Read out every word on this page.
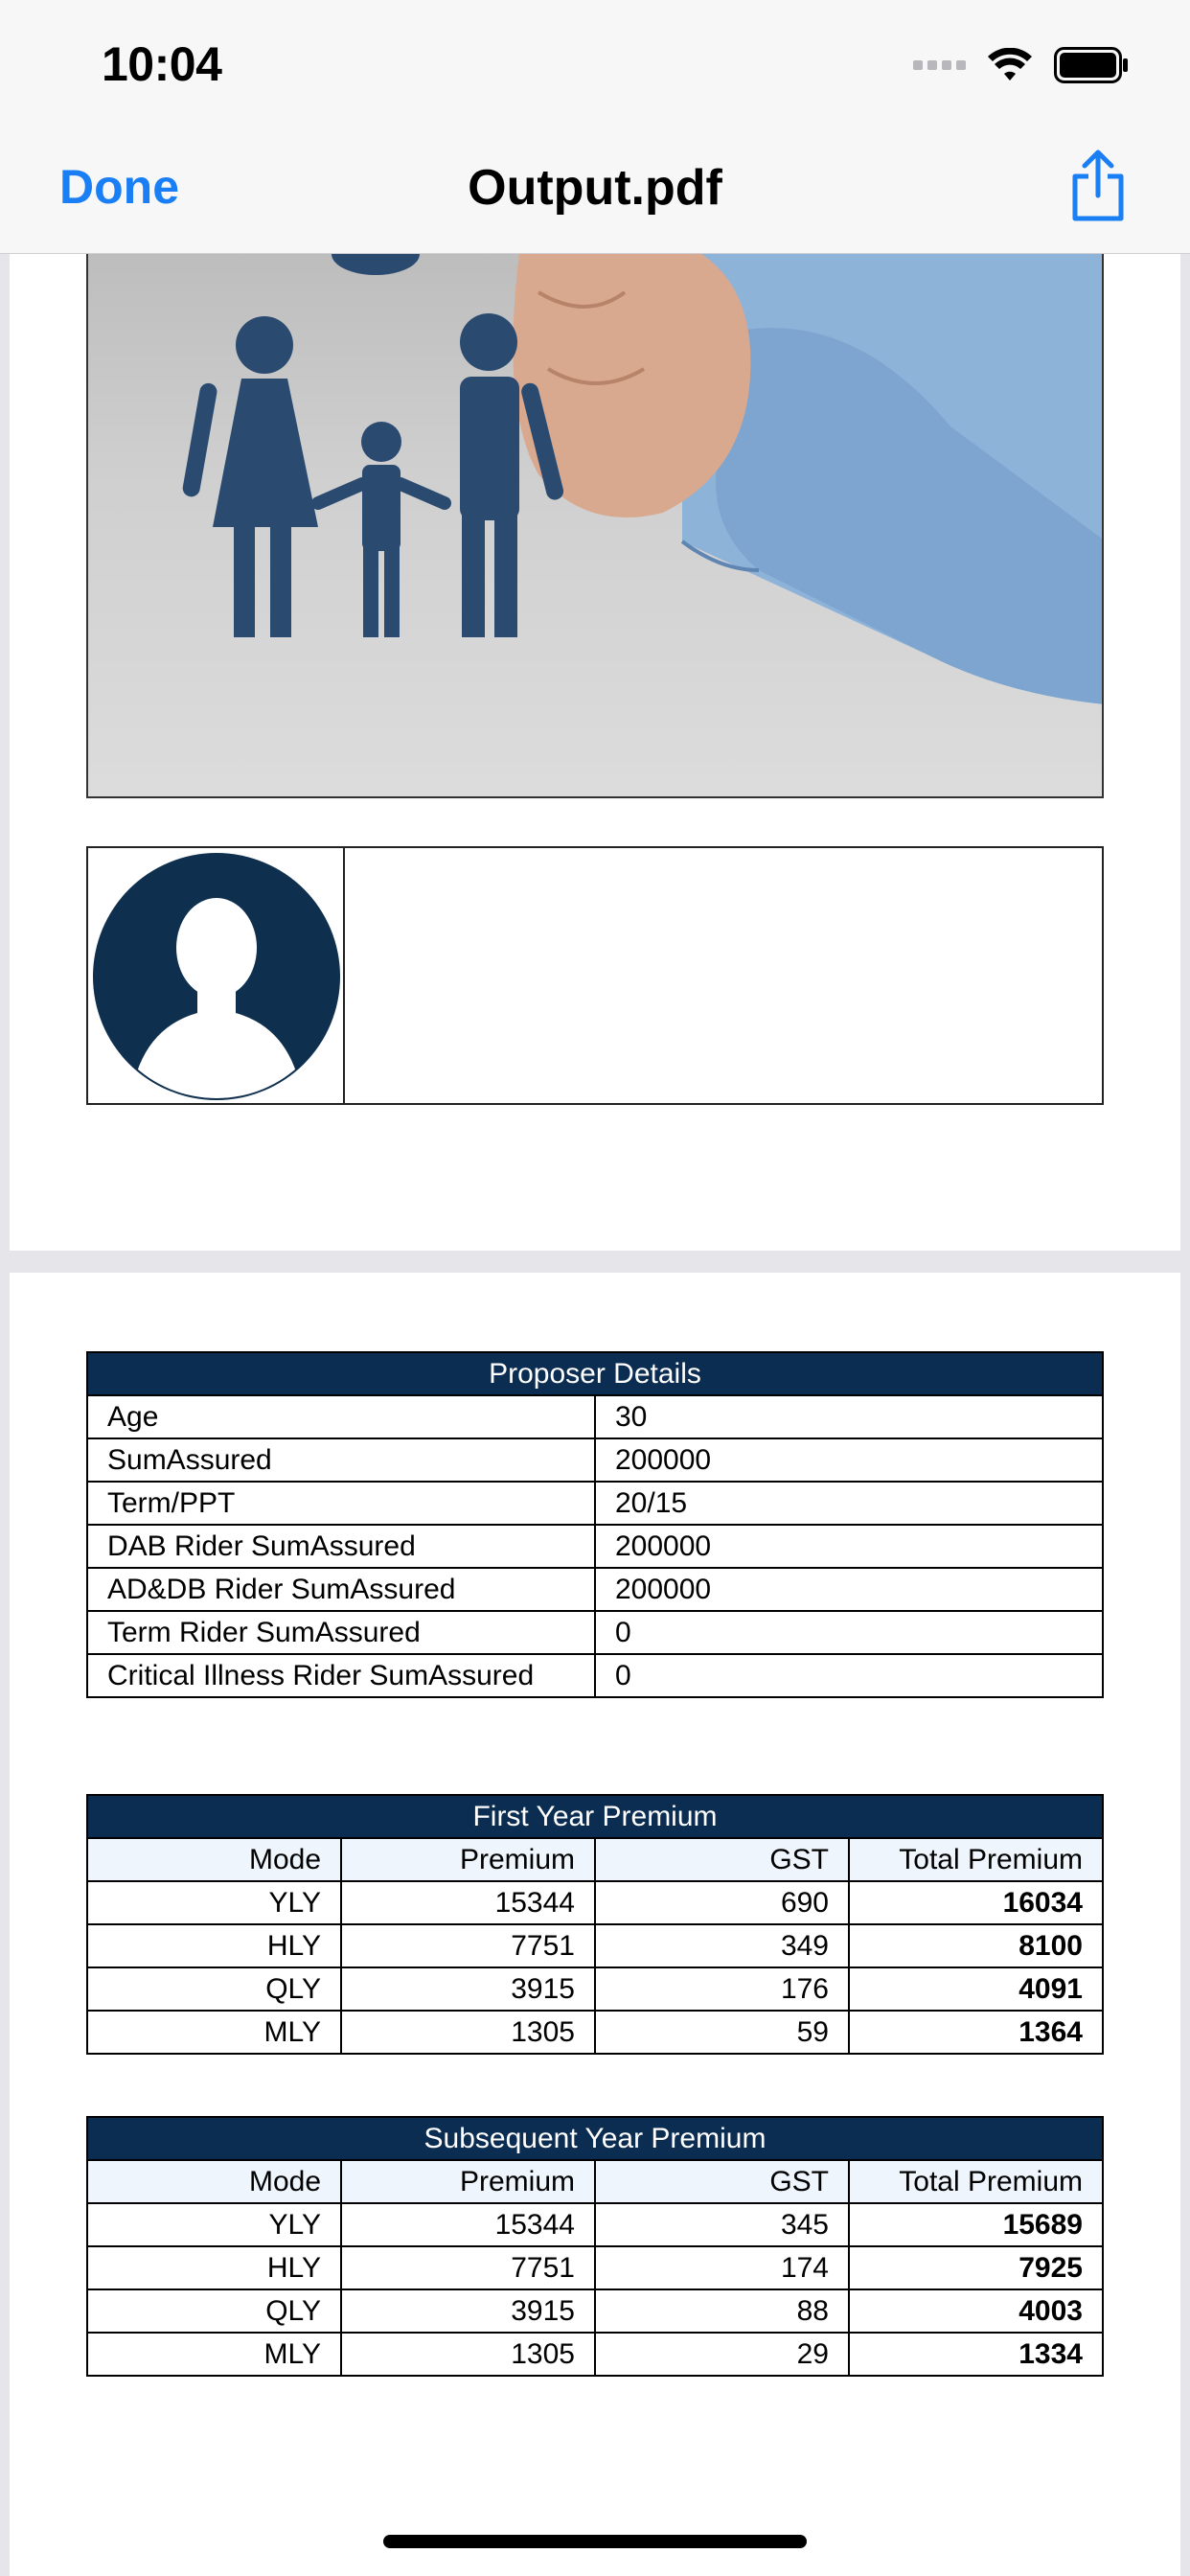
10:04
Done	Output.pdf
Proposer Details	
Age	30
SumAssured	200000
Term/PPT	20/15
DAB Rider SumAssured	200000
AD&DB Rider SumAssured	200000
Term Rider SumAssured	0
Critical Illness Rider SumAssured	0
First Year Premium			
Mode	Premium	GST	Total Premium
YLY	15344	690	16034
HLY	7751	349	8100
QLY	3915	176	4091
MLY	1305	59	1364
Subsequent Year Premium			
Mode	Premium	GST	Total Premium
YLY	15344	345	15689
HLY	7751	174	7925
QLY	3915	88	4003
MLY	1305	29	1334
